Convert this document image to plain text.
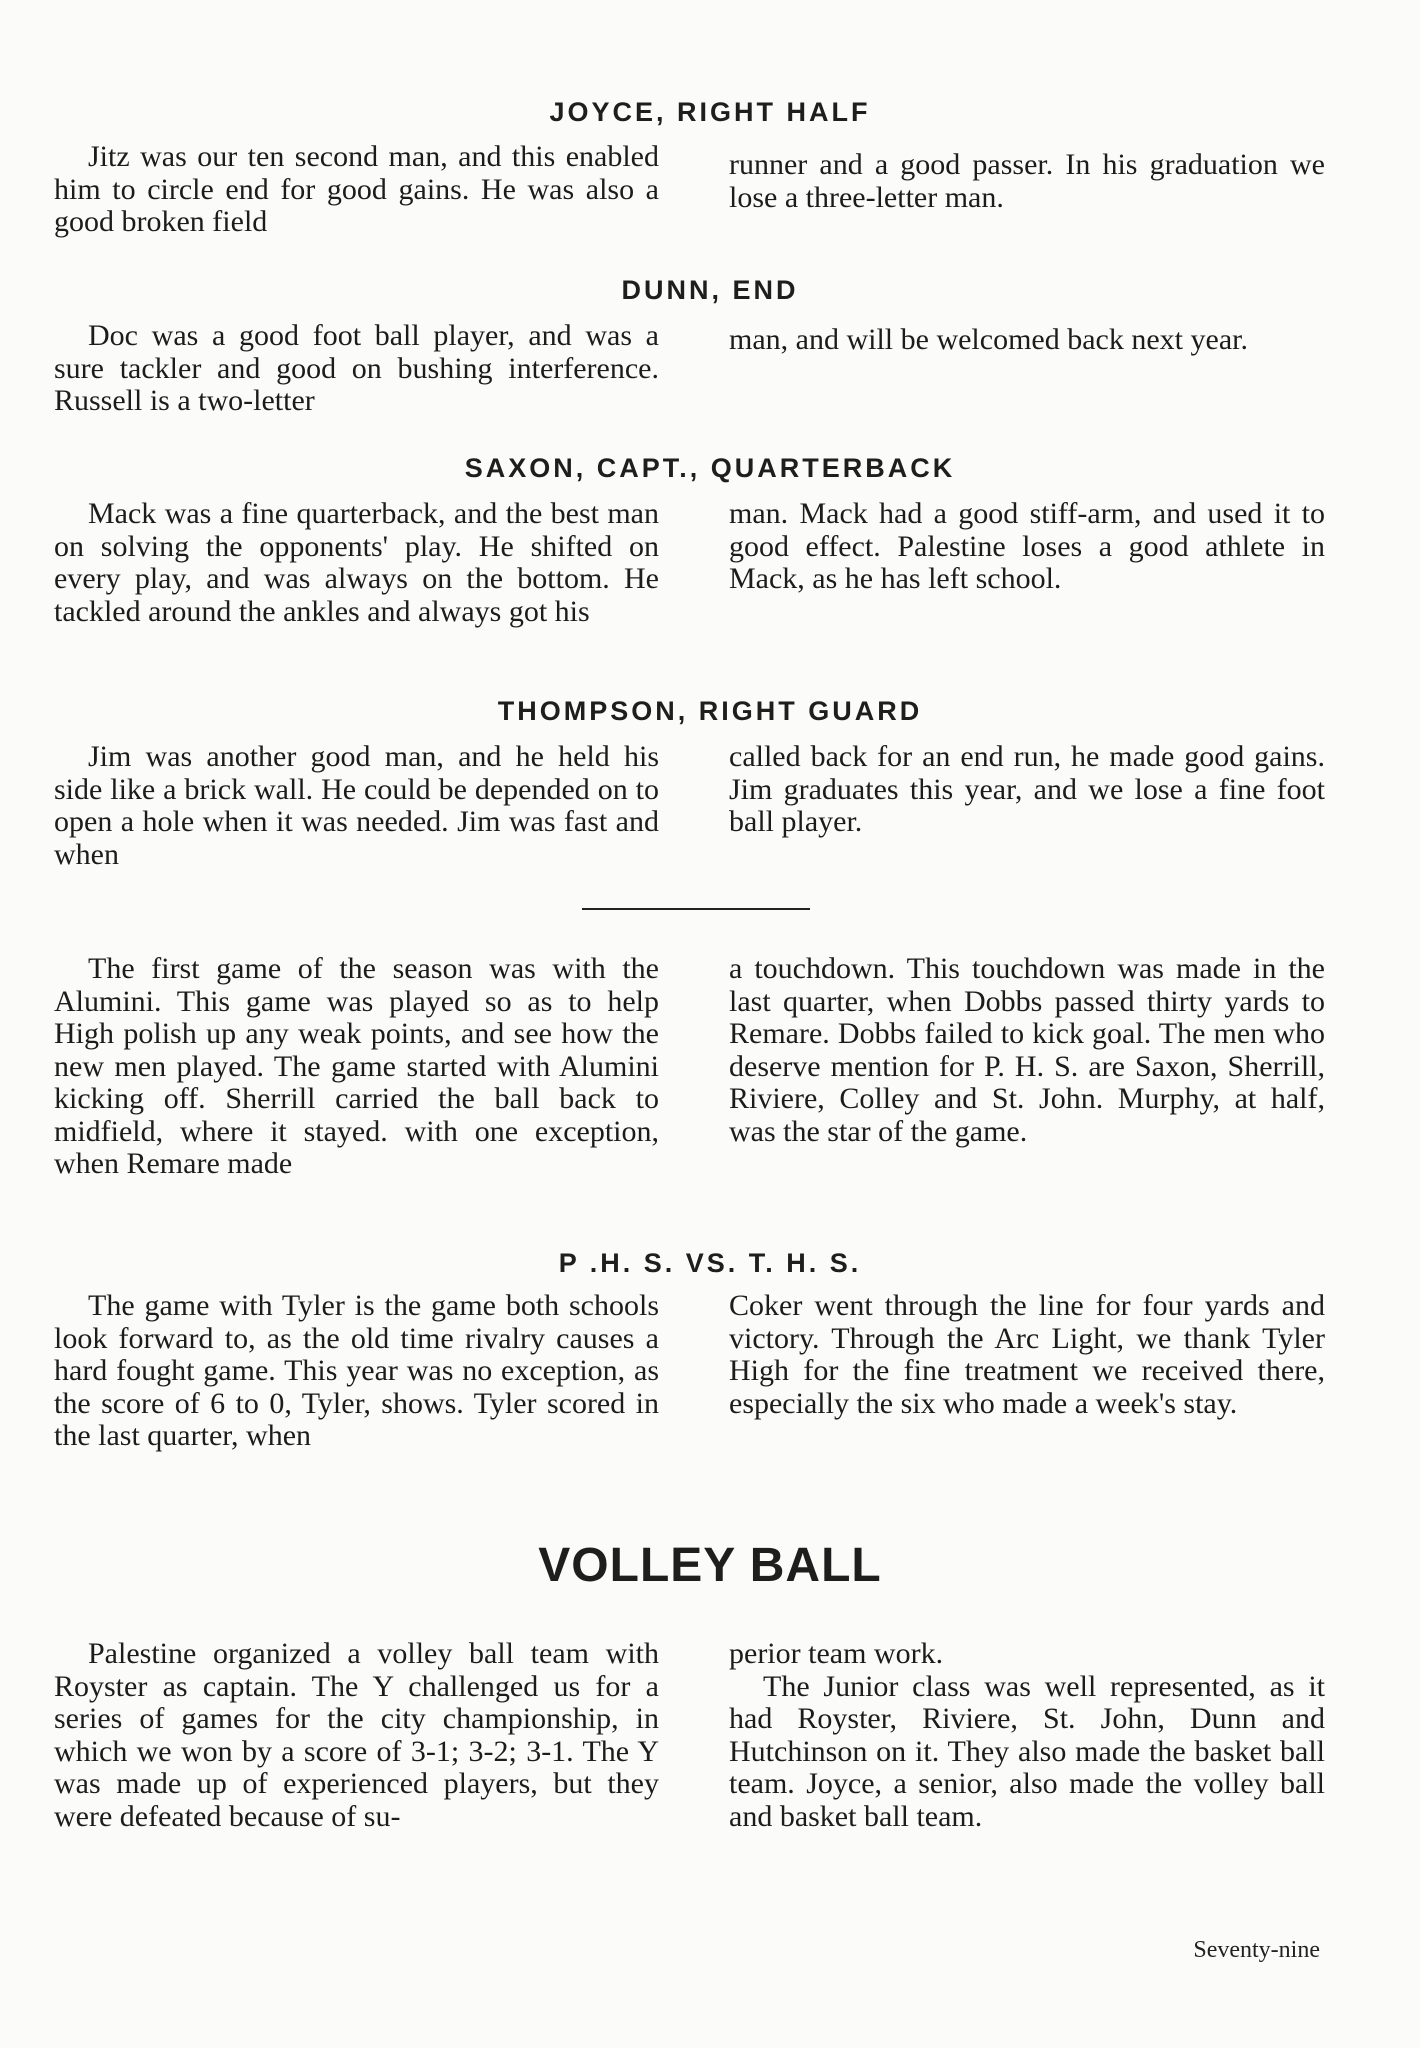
JOYCE, RIGHT HALF

Jitz was our ten second man, and this enabled him to circle end for good gains. He was also a good broken field

runner and a good passer. In his graduation we lose a three-letter man.

DUNN, END

Doc was a good foot ball player, and was a sure tackler and good on bushing interference. Russell is a two-letter

man, and will be welcomed back next year.

SAXON, CAPT., QUARTERBACK

Mack was a fine quarterback, and the best man on solving the opponents' play. He shifted on every play, and was always on the bottom. He tackled around the ankles and always got his

man. Mack had a good stiff-arm, and used it to good effect. Palestine loses a good athlete in Mack, as he has left school.

THOMPSON, RIGHT GUARD

Jim was another good man, and he held his side like a brick wall. He could be depended on to open a hole when it was needed. Jim was fast and when

called back for an end run, he made good gains. Jim graduates this year, and we lose a fine foot ball player.

The first game of the season was with the Alumini. This game was played so as to help High polish up any weak points, and see how the new men played. The game started with Alumini kicking off. Sherrill carried the ball back to midfield, where it stayed. with one exception, when Remare made

a touchdown. This touchdown was made in the last quarter, when Dobbs passed thirty yards to Remare. Dobbs failed to kick goal. The men who deserve mention for P. H. S. are Saxon, Sherrill, Riviere, Colley and St. John. Murphy, at half, was the star of the game.

P .H. S. VS. T. H. S.

The game with Tyler is the game both schools look forward to, as the old time rivalry causes a hard fought game. This year was no exception, as the score of 6 to 0, Tyler, shows. Tyler scored in the last quarter, when

Coker went through the line for four yards and victory. Through the Arc Light, we thank Tyler High for the fine treatment we received there, especially the six who made a week's stay.

VOLLEY BALL

Palestine organized a volley ball team with Royster as captain. The Y challenged us for a series of games for the city championship, in which we won by a score of 3-1; 3-2; 3-1. The Y was made up of experienced players, but they were defeated because of su-

perior team work.

The Junior class was well represented, as it had Royster, Riviere, St. John, Dunn and Hutchinson on it. They also made the basket ball team. Joyce, a senior, also made the volley ball and basket ball team.

Seventy-nine
